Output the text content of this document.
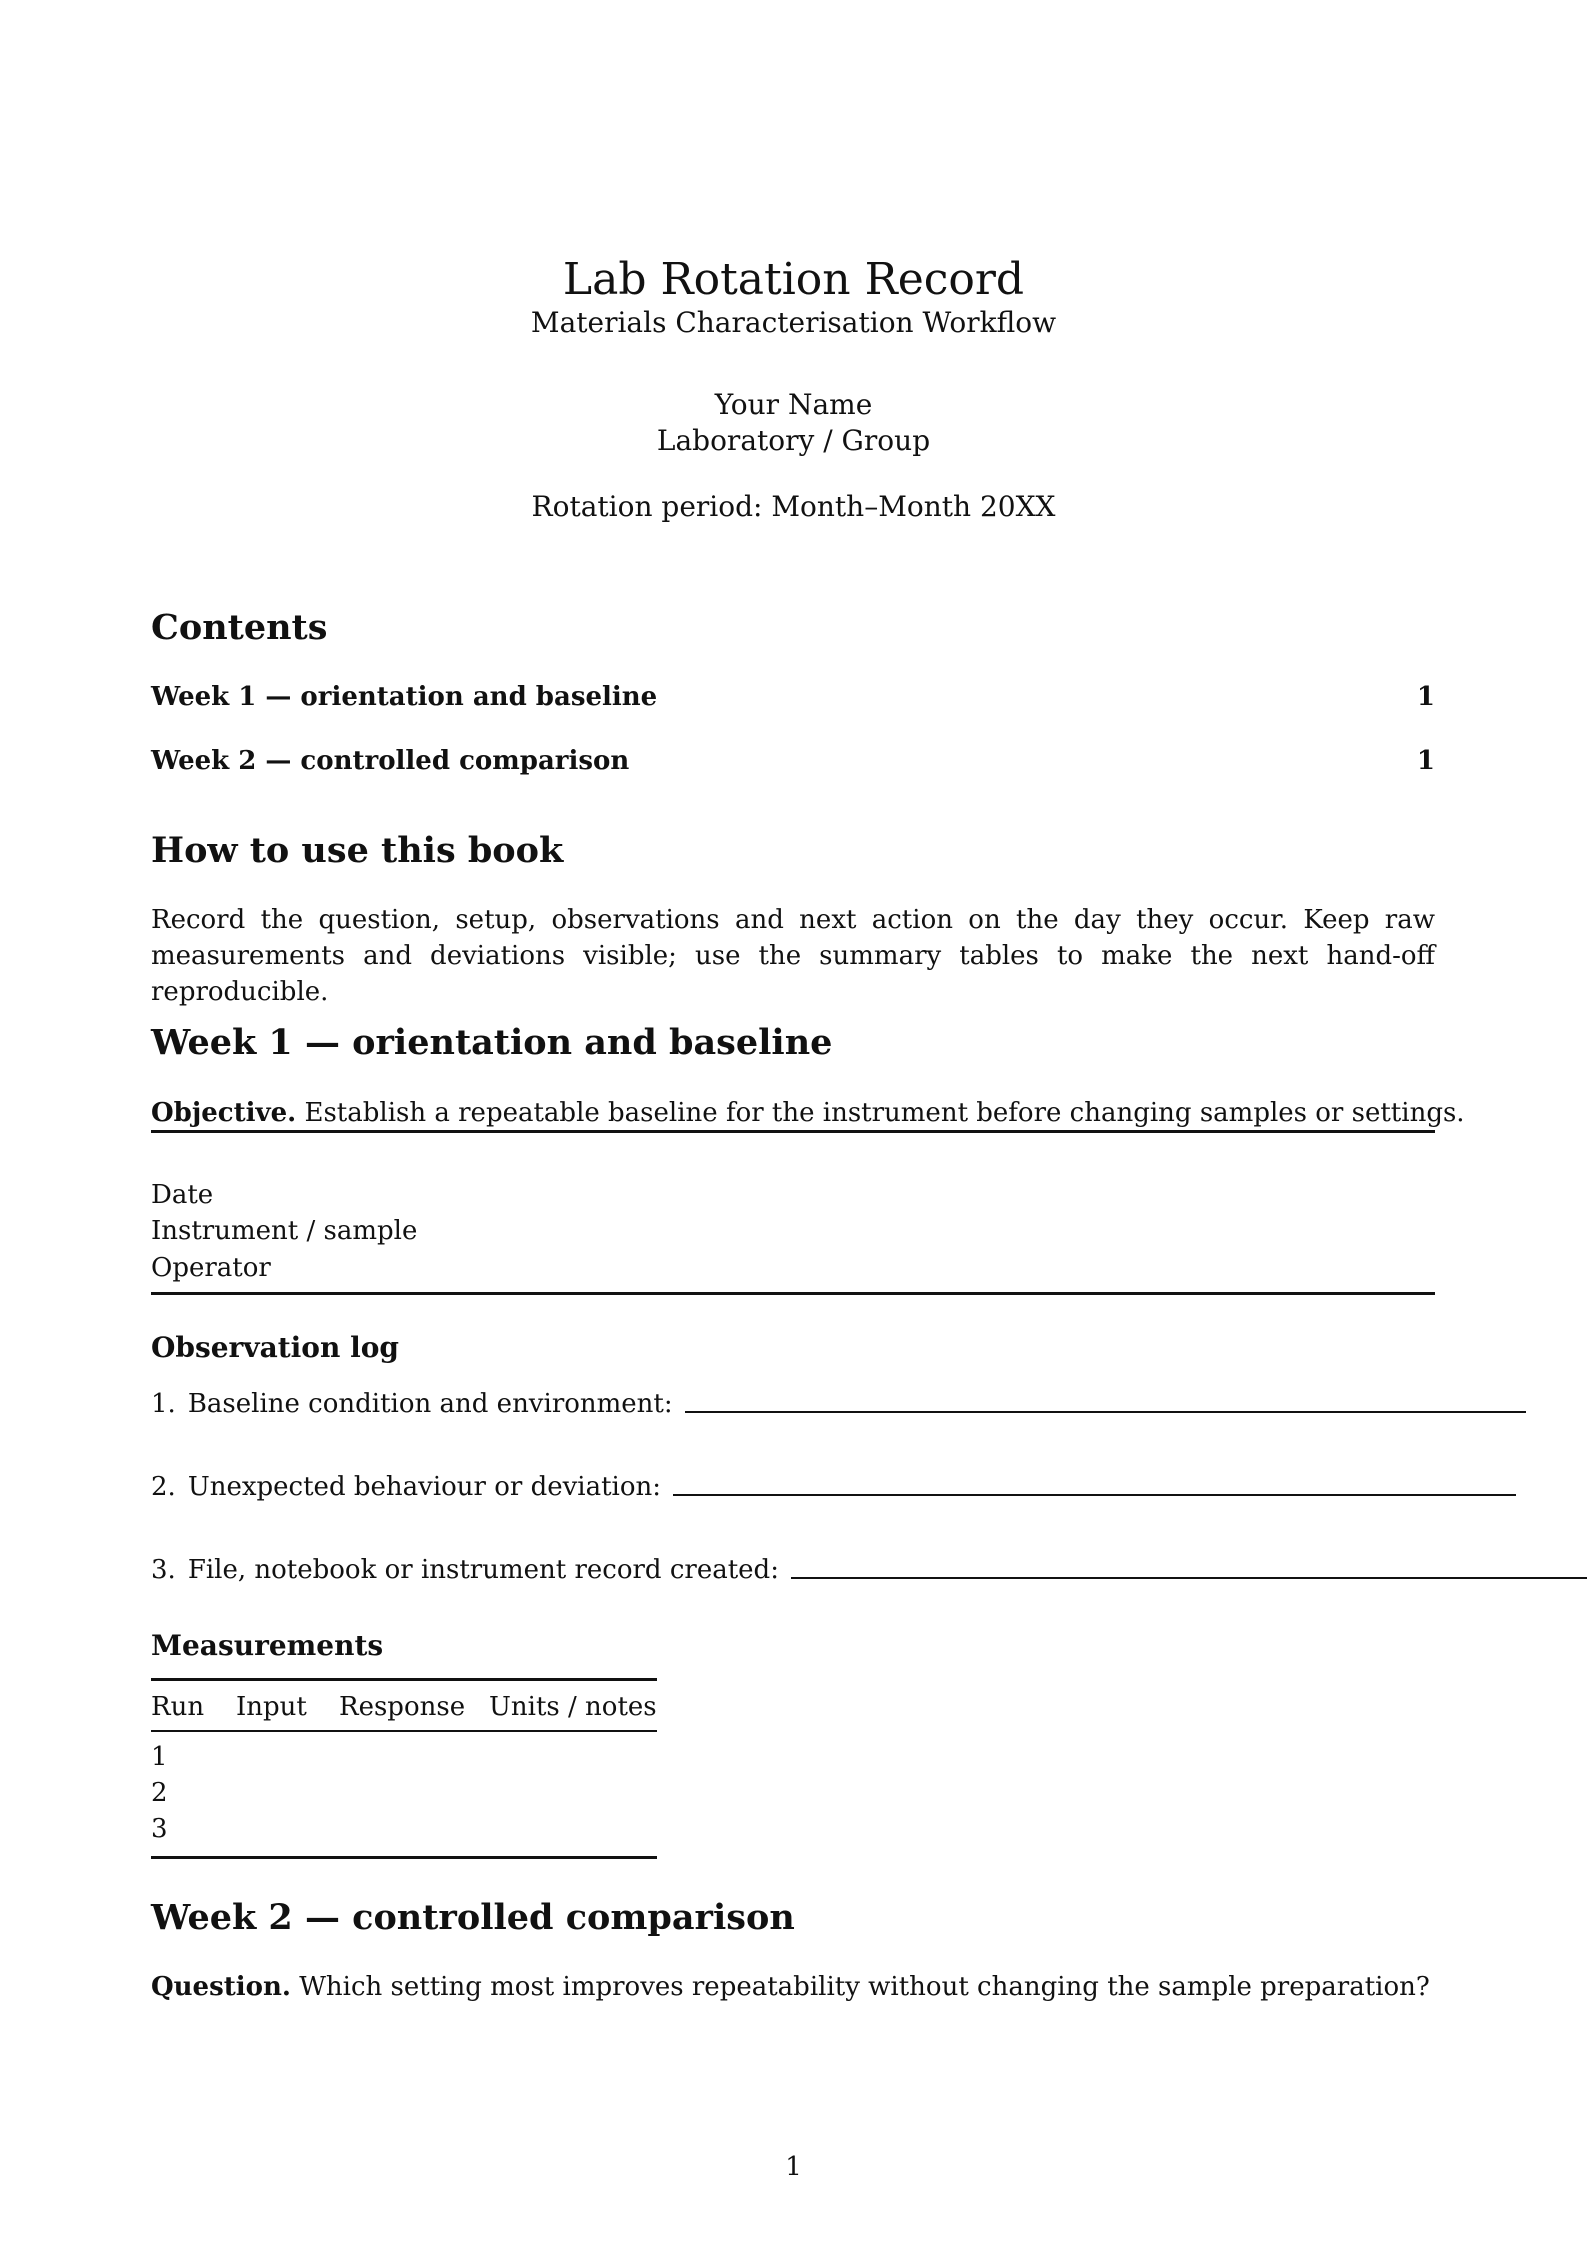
Lab Rotation Record
Materials Characterisation Workflow
Your Name
Laboratory / Group
Rotation period: Month–Month 20XX
Contents
Week 1 — orientation and baseline	1
Week 2 — controlled comparison	1
How to use this book
Record the question, setup, observations and next action on the day they occur. Keep raw measurements and deviations visible; use the summary tables to make the next hand-off reproducible.
Week 1 — orientation and baseline
Objective. Establish a repeatable baseline for the instrument before changing samples or settings.
Date
Instrument / sample
Operator
Observation log
1. Baseline condition and environment:
2. Unexpected behaviour or deviation:
3. File, notebook or instrument record created:
Measurements
Run Input Response Units / notes
1
2
3
Week 2 — controlled comparison
Question. Which setting most improves repeatability without changing the sample preparation?
1
